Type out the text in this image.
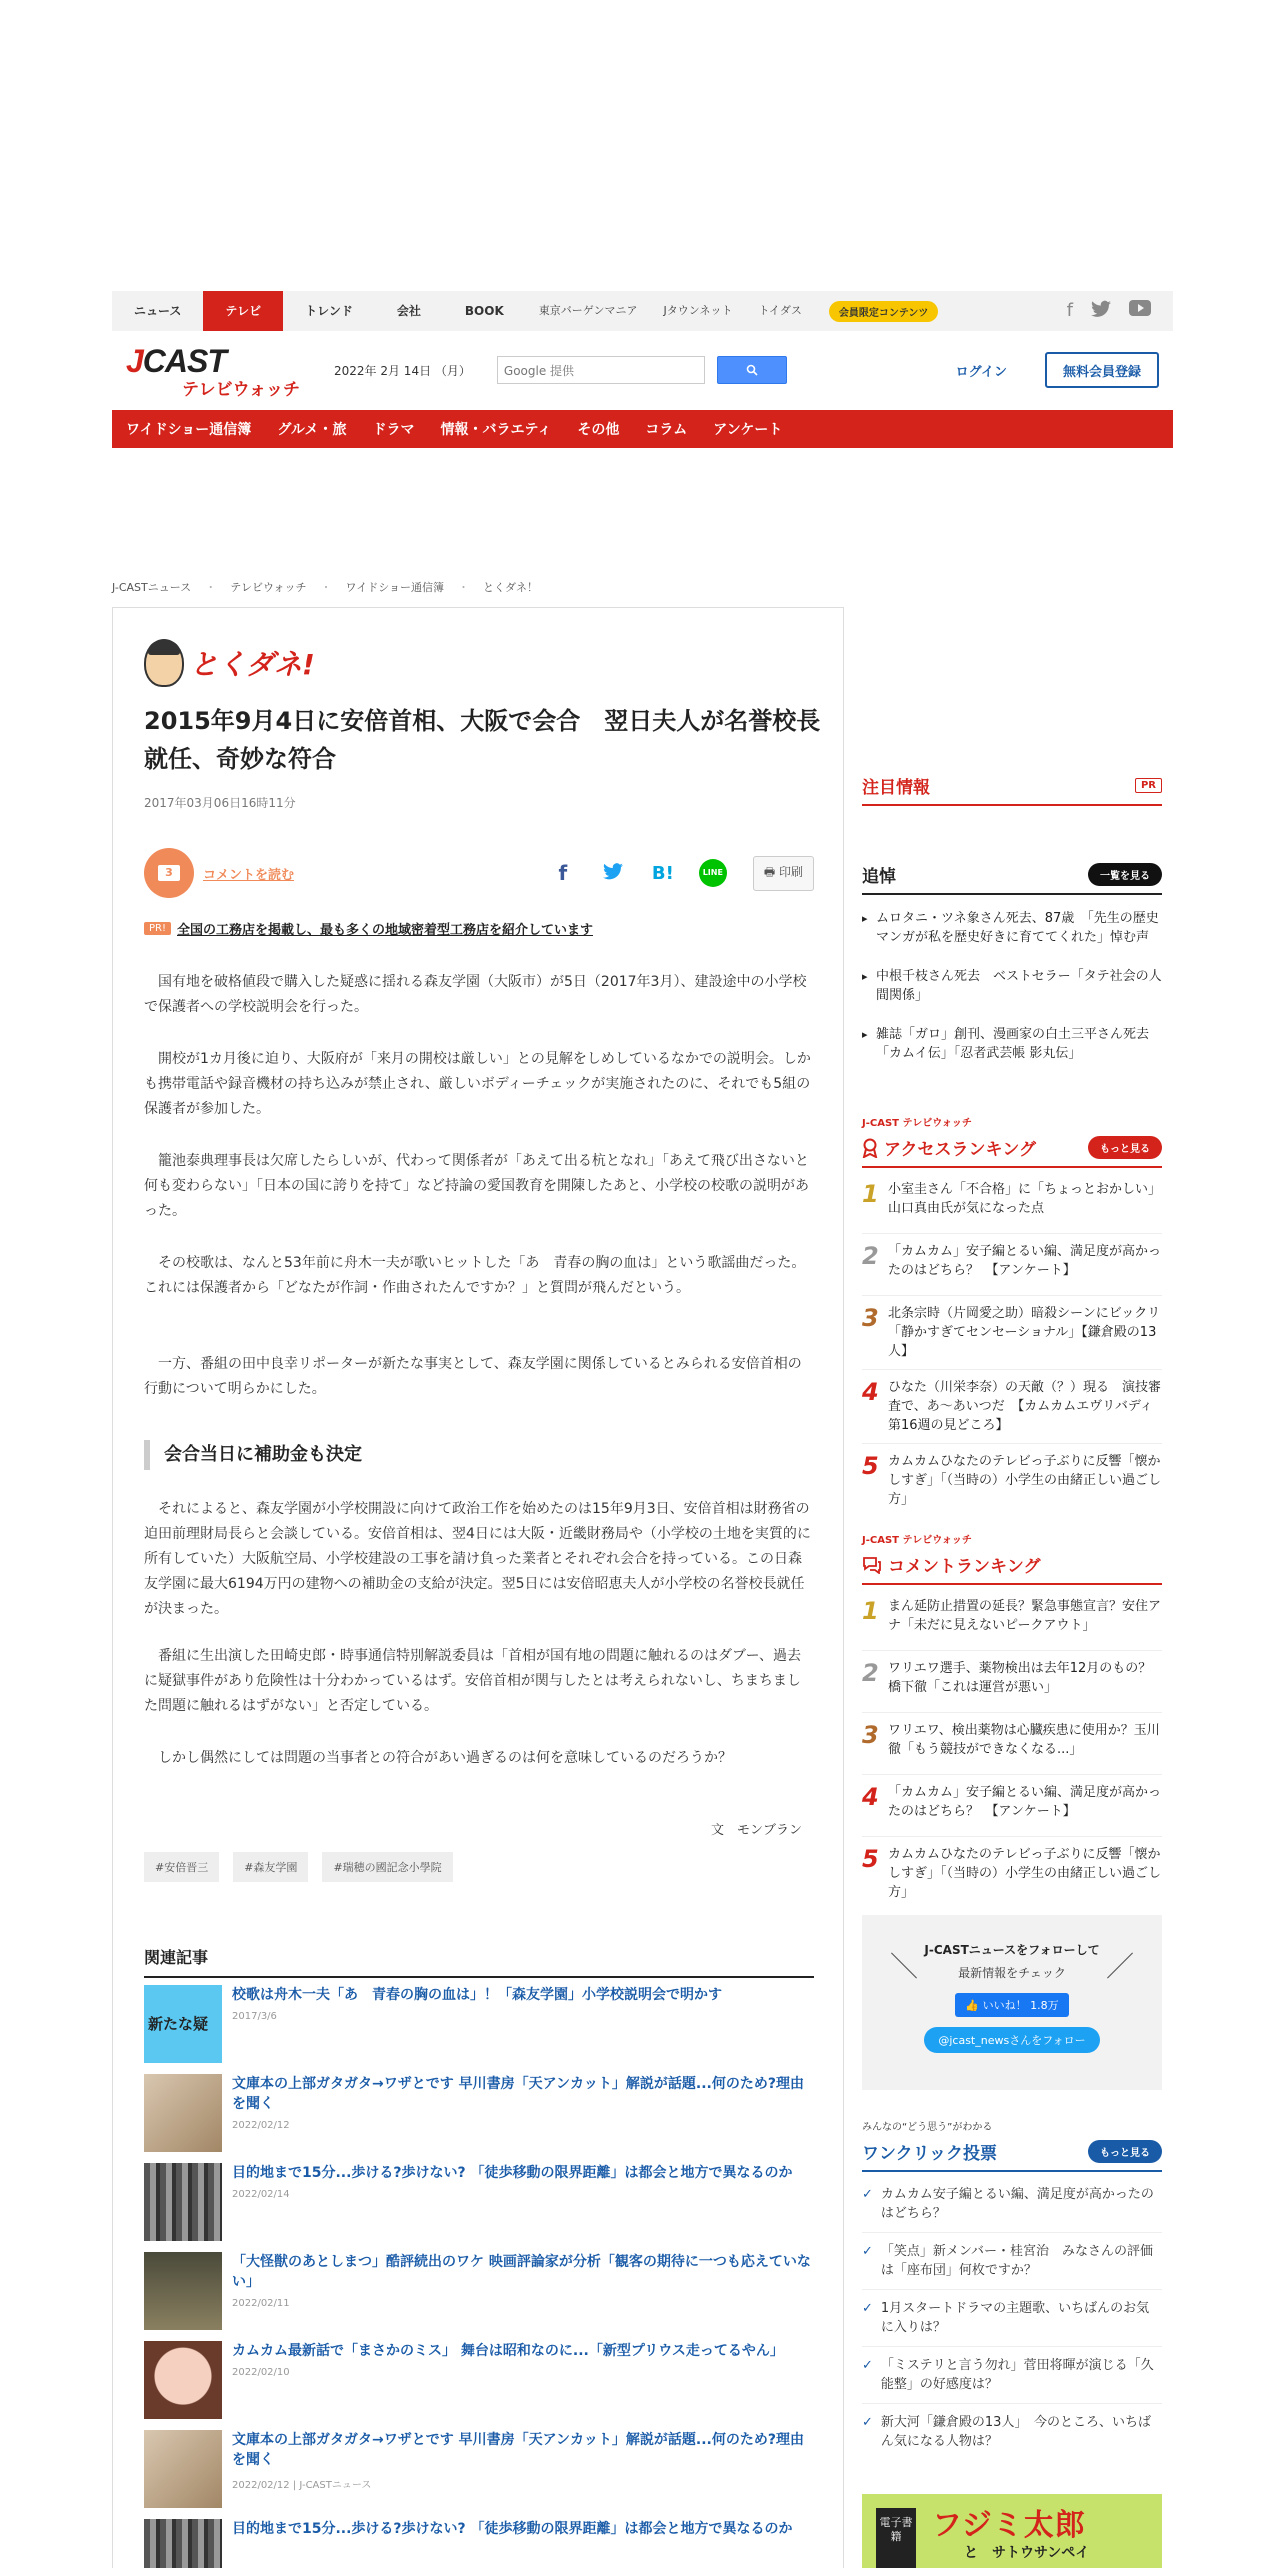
ニュース	テレビ	トレンド	会社	BOOK	東京バーゲンマニア	Jタウンネット	トイダス	会員限定コンテンツ	f
JCAST
テレビウォッチ
2022年 2月 14日 （月）	Google 提供	ログイン	無料会員登録
ワイドショー通信簿 グルメ・旅 ドラマ 情報・バラエティ その他 コラム アンケート
J-CASTニュース ・ テレビウォッチ ・ ワイドショー通信簿 ・ とくダネ！
とくダネ!
2015年9月4日に安倍首相、大阪で会合　翌日夫人が名誉校長就任、奇妙な符合
2017年03月06日16時11分
3	コメントを読む	f	B!	LINE	🖶 印刷
PR! 全国の工務店を掲載し、最も多くの地域密着型工務店を紹介しています

国有地を破格値段で購入した疑惑に揺れる森友学園（大阪市）が5日（2017年3月）、建設途中の小学校で保護者への学校説明会を行った。

開校が1カ月後に迫り、大阪府が「来月の開校は厳しい」との見解をしめしているなかでの説明会。しかも携帯電話や録音機材の持ち込みが禁止され、厳しいボディーチェックが実施されたのに、それでも5組の保護者が参加した。

籠池泰典理事長は欠席したらしいが、代わって関係者が「あえて出る杭となれ」「あえて飛び出さないと何も変わらない」「日本の国に誇りを持て」など持論の愛国教育を開陳したあと、小学校の校歌の説明があった。

その校歌は、なんと53年前に舟木一夫が歌いヒットした「あ　青春の胸の血は」という歌謡曲だった。これには保護者から「どなたが作詞・作曲されたんですか？」と質問が飛んだという。

一方、番組の田中良幸リポーターが新たな事実として、森友学園に関係しているとみられる安倍首相の行動について明らかにした。

会合当日に補助金も決定

それによると、森友学園が小学校開設に向けて政治工作を始めたのは15年9月3日、安倍首相は財務省の迫田前理財局長らと会談している。安倍首相は、翌4日には大阪・近畿財務局や（小学校の土地を実質的に所有していた）大阪航空局、小学校建設の工事を請け負った業者とそれぞれ会合を持っている。この日森友学園に最大6194万円の建物への補助金の支給が決定。翌5日には安倍昭恵夫人が小学校の名誉校長就任が決まった。

番組に生出演した田崎史郎・時事通信特別解説委員は「首相が国有地の問題に触れるのはダブー、過去に疑獄事件があり危険性は十分わかっているはず。安倍首相が関与したとは考えられないし、ちまちました問題に触れるはずがない」と否定している。

しかし偶然にしては問題の当事者との符合があい過ぎるのは何を意味しているのだろうか？

文　モンブラン
#安倍晋三	#森友学園	#瑞穂の國記念小學院
関連記事
新たな疑
校歌は舟木一夫「あ　青春の胸の血は」！「森友学園」小学校説明会で明かす
2017/3/6
文庫本の上部ガタガタ→ワザとです 早川書房「天アンカット」解説が話題...何のため?理由を聞く
2022/02/12
目的地まで15分...歩ける?歩けない? 「徒歩移動の限界距離」は都会と地方で異なるのか
2022/02/14
「大怪獣のあとしまつ」酷評続出のワケ 映画評論家が分析「観客の期待に一つも応えていない」
2022/02/11
カムカム最新話で「まさかのミス」 舞台は昭和なのに...「新型プリウス走ってるやん」
2022/02/10
文庫本の上部ガタガタ→ワザとです 早川書房「天アンカット」解説が話題...何のため?理由を聞く
2022/02/12 | J-CASTニュース
目的地まで15分...歩ける?歩けない? 「徒歩移動の限界距離」は都会と地方で異なるのか
注目情報	PR
追悼	一覧を見る
▸ ムロタニ・ツネ象さん死去、87歳　「先生の歴史マンガが私を歴史好きに育ててくれた」悼む声
▸ 中根千枝さん死去　ベストセラー「タテ社会の人間関係」
▸ 雑誌「ガロ」創刊、漫画家の白土三平さん死去　「カムイ伝」「忍者武芸帳 影丸伝」
J-CAST テレビウォッチ
アクセスランキング	もっと見る
1 小室圭さん「不合格」に「ちょっとおかしい」　山口真由氏が気になった点
2 「カムカム」安子編とるい編、満足度が高かったのはどちら？　【アンケート】
3 北条宗時（片岡愛之助）暗殺シーンにビックリ　「静かすぎてセンセーショナル」【鎌倉殿の13人】
4 ひなた（川栄李奈）の天敵（？）現る　演技審査で、あ～あいつだ　【カムカムエヴリバディ 第16週の見どころ】
5 カムカムひなたのテレビっ子ぶりに反響「懐かしすぎ」「（当時の）小学生の由緒正しい過ごし方」
J-CAST テレビウォッチ
コメントランキング
1 まん延防止措置の延長？緊急事態宣言？安住アナ「未だに見えないピークアウト」
2 ワリエワ選手、薬物検出は去年12月のもの？　橋下徹「これは運営が悪い」
3 ワリエワ、検出薬物は心臓疾患に使用か？玉川徹「もう競技ができなくなる...」
4 「カムカム」安子編とるい編、満足度が高かったのはどちら？　【アンケート】
5 カムカムひなたのテレビっ子ぶりに反響「懐かしすぎ」「（当時の）小学生の由緒正しい過ごし方」
＼	／
J-CASTニュースをフォローして
最新情報をチェック
👍 いいね！ 1.8万
@jcast_newsさんをフォロー
みんなの“どう思う”がわかる
ワンクリック投票	もっと見る
✓ カムカム安子編とるい編、満足度が高かったのはどちら？
✓ 「笑点」新メンバー・桂宮治　みなさんの評価は「座布団」何枚ですか？
✓ 1月スタートドラマの主題歌、いちばんのお気に入りは？
✓ 「ミステリと言う勿れ」菅田将暉が演じる「久能整」の好感度は？
✓ 新大河「鎌倉殿の13人」　今のところ、いちばん気になる人物は？
電子書籍	フジミ太郎
と　サトウサンペイ
